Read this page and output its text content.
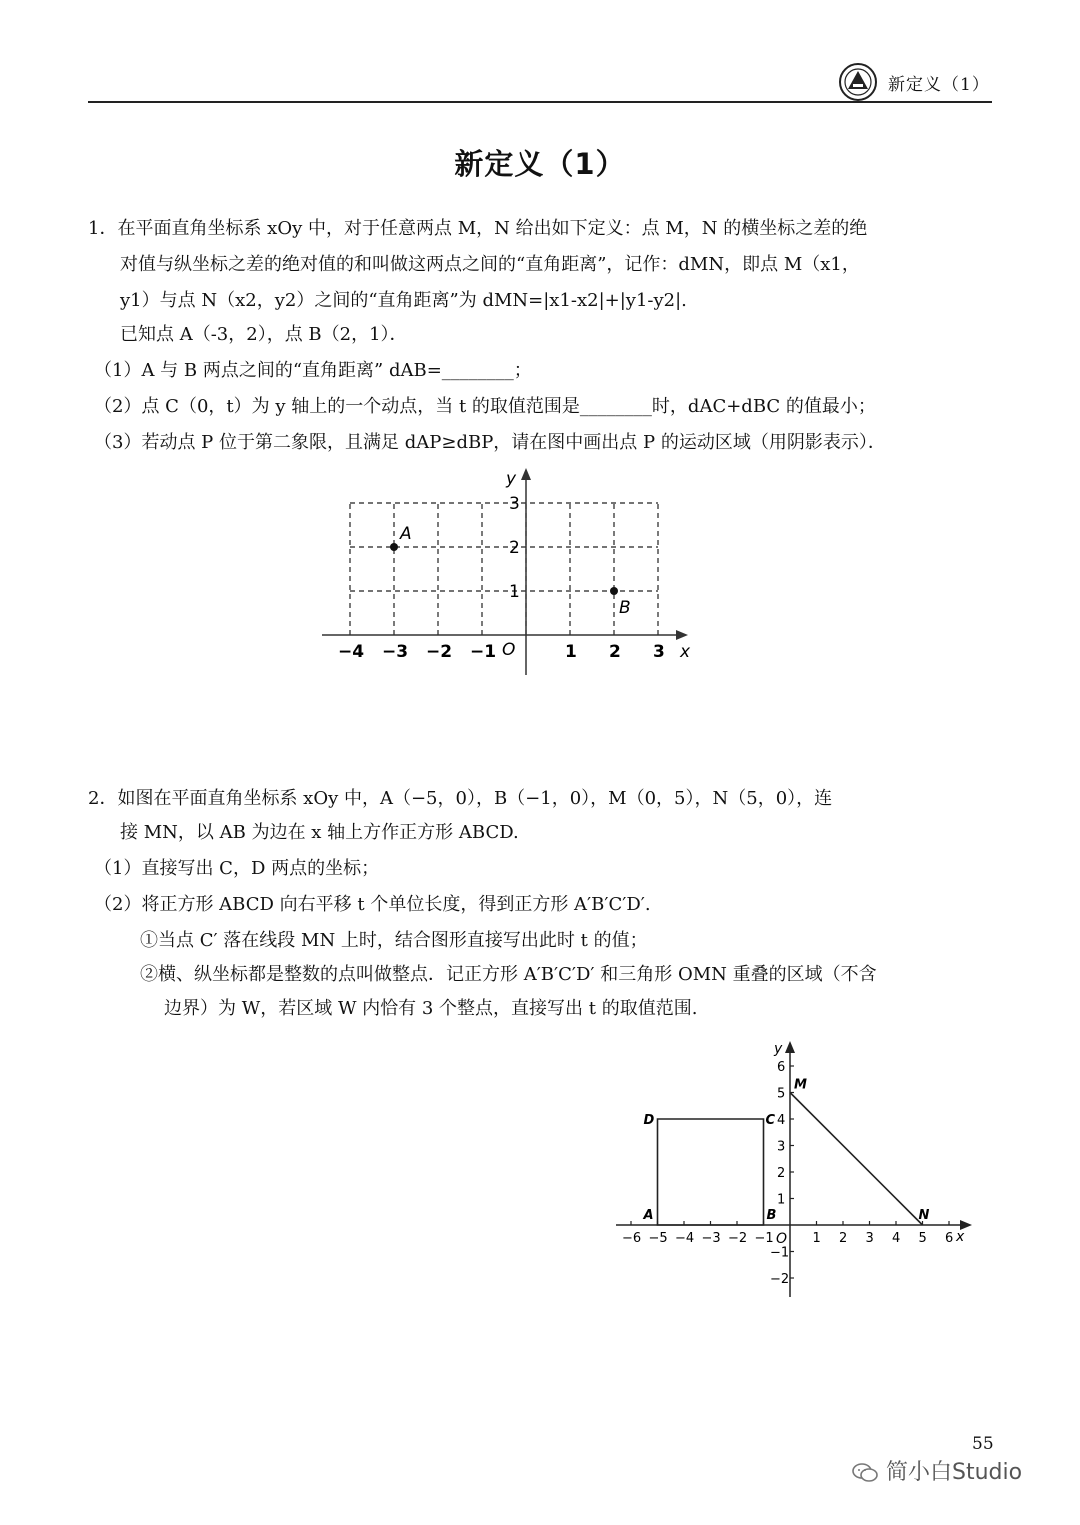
新定义（1）
新定义（1）
1．在平面直角坐标系 xOy 中，对于任意两点 M，N 给出如下定义：点 M，N 的横坐标之差的绝
对值与纵坐标之差的绝对值的和叫做这两点之间的“直角距离”，记作：dMN，即点 M（x1，
y1）与点 N（x2，y2）之间的“直角距离”为 dMN=|x1-x2|+|y1-y2|.
已知点 A（-3，2），点 B（2，1）．
（1）A 与 B 两点之间的“直角距离” dAB=________；
（2）点 C（0，t）为 y 轴上的一个动点，当 t 的取值范围是________时，dAC+dBC 的值最小；
（3）若动点 P 位于第二象限，且满足 dAP≥dBP，请在图中画出点 P 的运动区域（用阴影表示）．
−4 −3 −2 −1	1 2 3
1
2
3
x
y
O
A
B
2．如图在平面直角坐标系 xOy 中，A（−5，0），B（−1，0），M（0，5），N（5，0），连
接 MN，以 AB 为边在 x 轴上方作正方形 ABCD.
（1）直接写出 C，D 两点的坐标；
（2）将正方形 ABCD 向右平移 t 个单位长度，得到正方形 A′B′C′D′.
①当点 C′ 落在线段 MN 上时，结合图形直接写出此时 t 的值；
②横、纵坐标都是整数的点叫做整点．记正方形 A′B′C′D′ 和三角形 OMN 重叠的区域（不含
边界）为 W，若区域 W 内恰有 3 个整点，直接写出 t 的取值范围.
−6 −5 −4 −3 −2 −1	1 2 3 4 5 6
−2
−1
1
2
3
4
5
6
x
y
O
A	B
C
D
M
N
55
简小白Studio
